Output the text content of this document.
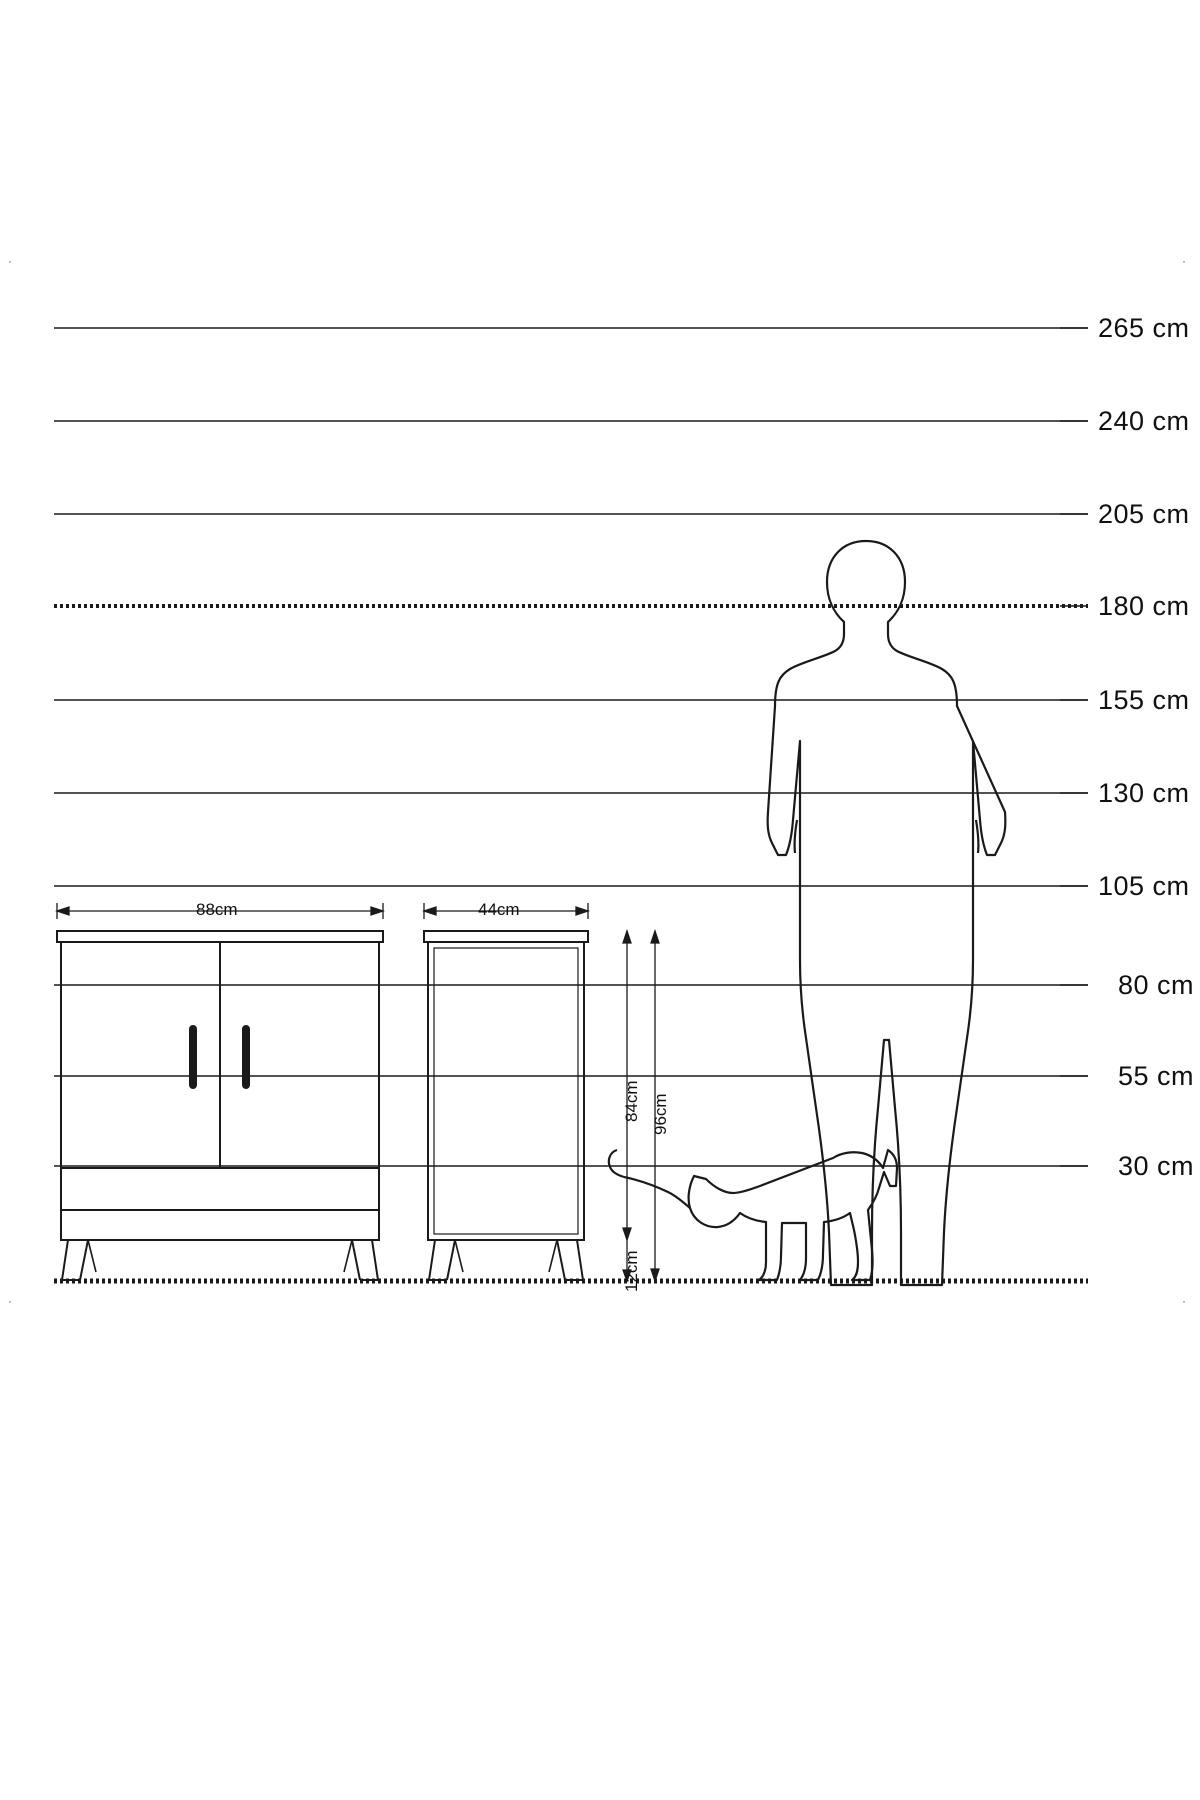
265 cm
240 cm
205 cm
180 cm
155 cm
130 cm
105 cm
80 cm
55 cm
30 cm
88cm	44cm
84cm 96cm
12cm
·	·
·	·
